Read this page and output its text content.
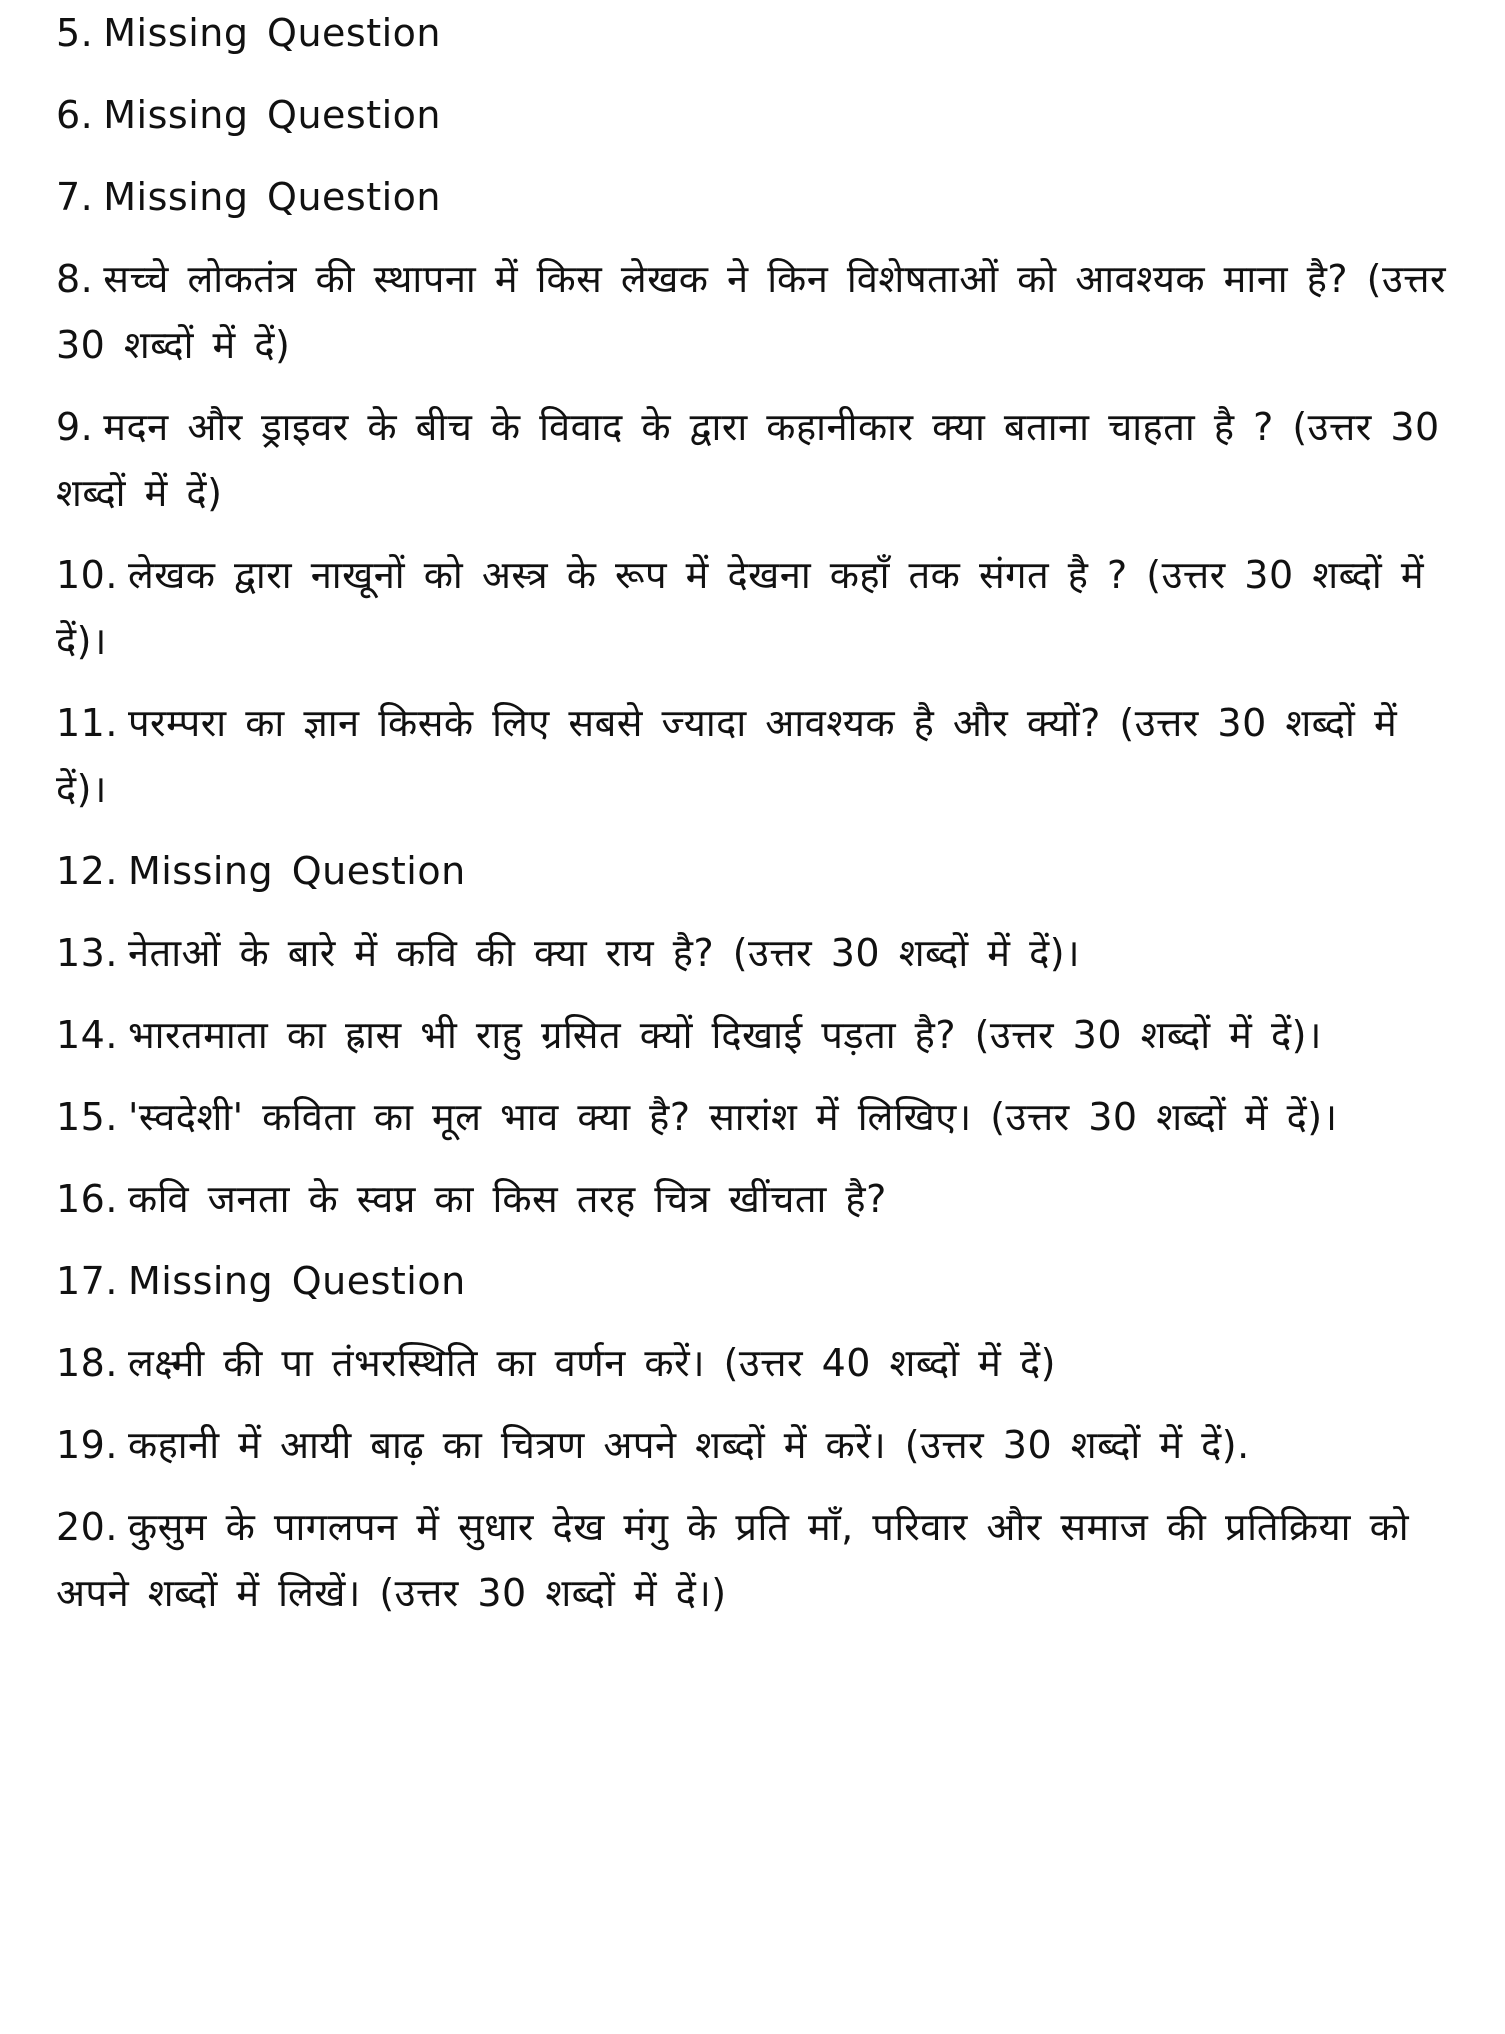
5. Missing Question

6. Missing Question

7. Missing Question

8. सच्चे लोकतंत्र की स्थापना में किस लेखक ने किन विशेषताओं को आवश्यक माना है? (उत्तर 30 शब्दों में दें)

9. मदन और ड्राइवर के बीच के विवाद के द्वारा कहानीकार क्या बताना चाहता है ? (उत्तर 30 शब्दों में दें)

10. लेखक द्वारा नाखूनों को अस्त्र के रूप में देखना कहाँ तक संगत है ? (उत्तर 30 शब्दों में दें)।

11. परम्परा का ज्ञान किसके लिए सबसे ज्यादा आवश्यक है और क्यों? (उत्तर 30 शब्दों में दें)।

12. Missing Question

13. नेताओं के बारे में कवि की क्या राय है? (उत्तर 30 शब्दों में दें)।

14. भारतमाता का ह्रास भी राहु ग्रसित क्यों दिखाई पड़ता है? (उत्तर 30 शब्दों में दें)।

15. 'स्वदेशी' कविता का मूल भाव क्या है? सारांश में लिखिए। (उत्तर 30 शब्दों में दें)।

16. कवि जनता के स्वप्न का किस तरह चित्र खींचता है?

17. Missing Question

18. लक्ष्मी की पा तंभरस्थिति का वर्णन करें। (उत्तर 40 शब्दों में दें)

19. कहानी में आयी बाढ़ का चित्रण अपने शब्दों में करें। (उत्तर 30 शब्दों में दें).

20. कुसुम के पागलपन में सुधार देख मंगु के प्रति माँ, परिवार और समाज की प्रतिक्रिया को अपने शब्दों में लिखें। (उत्तर 30 शब्दों में दें।)
